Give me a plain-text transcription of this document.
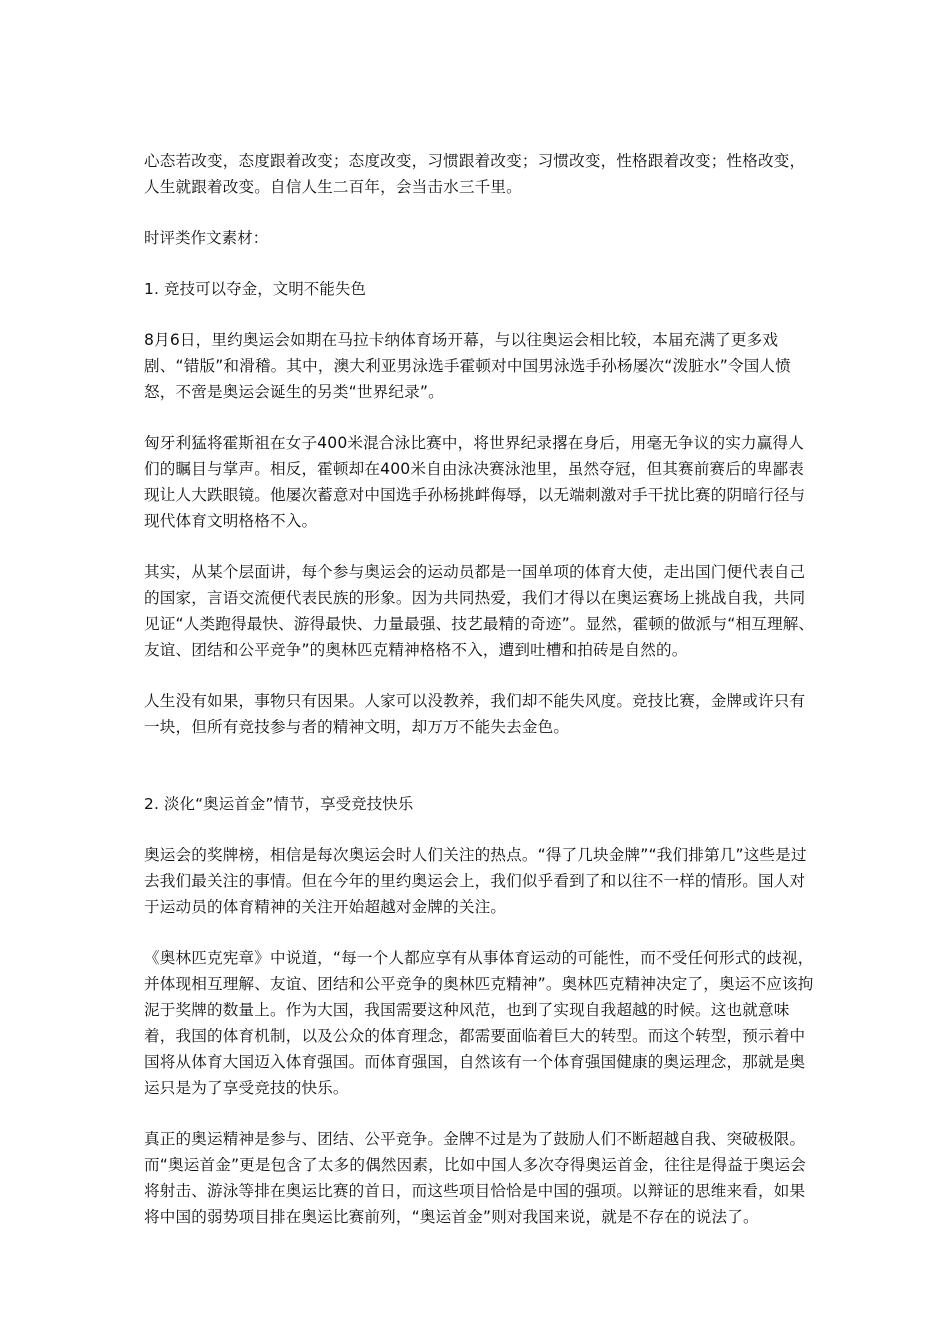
心态若改变，态度跟着改变；态度改变，习惯跟着改变；习惯改变，性格跟着改变；性格改变，人生就跟着改变。自信人生二百年，会当击水三千里。

时评类作文素材：

1. 竞技可以夺金，文明不能失色

8月6日，里约奥运会如期在马拉卡纳体育场开幕，与以往奥运会相比较，本届充满了更多戏剧、“错版”和滑稽。其中，澳大利亚男泳选手霍顿对中国男泳选手孙杨屡次“泼脏水”令国人愤怒，不啻是奥运会诞生的另类“世界纪录”。

匈牙利猛将霍斯祖在女子400米混合泳比赛中，将世界纪录撂在身后，用毫无争议的实力赢得人们的瞩目与掌声。相反，霍顿却在400米自由泳决赛泳池里，虽然夺冠，但其赛前赛后的卑鄙表现让人大跌眼镜。他屡次蓄意对中国选手孙杨挑衅侮辱，以无端刺激对手干扰比赛的阴暗行径与现代体育文明格格不入。

其实，从某个层面讲，每个参与奥运会的运动员都是一国单项的体育大使，走出国门便代表自己的国家，言语交流便代表民族的形象。因为共同热爱，我们才得以在奥运赛场上挑战自我，共同见证“人类跑得最快、游得最快、力量最强、技艺最精的奇迹”。显然，霍顿的做派与“相互理解、友谊、团结和公平竞争”的奥林匹克精神格格不入，遭到吐槽和拍砖是自然的。

人生没有如果，事物只有因果。人家可以没教养，我们却不能失风度。竞技比赛，金牌或许只有一块，但所有竞技参与者的精神文明，却万万不能失去金色。

2. 淡化“奥运首金”情节，享受竞技快乐

奥运会的奖牌榜，相信是每次奥运会时人们关注的热点。“得了几块金牌”“我们排第几”这些是过去我们最关注的事情。但在今年的里约奥运会上，我们似乎看到了和以往不一样的情形。国人对于运动员的体育精神的关注开始超越对金牌的关注。

《奥林匹克宪章》中说道，“每一个人都应享有从事体育运动的可能性，而不受任何形式的歧视，并体现相互理解、友谊、团结和公平竞争的奥林匹克精神”。奥林匹克精神决定了，奥运不应该拘泥于奖牌的数量上。作为大国，我国需要这种风范，也到了实现自我超越的时候。这也就意味着，我国的体育机制，以及公众的体育理念，都需要面临着巨大的转型。而这个转型，预示着中国将从体育大国迈入体育强国。而体育强国，自然该有一个体育强国健康的奥运理念，那就是奥运只是为了享受竞技的快乐。

真正的奥运精神是参与、团结、公平竞争。金牌不过是为了鼓励人们不断超越自我、突破极限。而“奥运首金”更是包含了太多的偶然因素，比如中国人多次夺得奥运首金，往往是得益于奥运会将射击、游泳等排在奥运比赛的首日，而这些项目恰恰是中国的强项。以辩证的思维来看，如果将中国的弱势项目排在奥运比赛前列，“奥运首金”则对我国来说，就是不存在的说法了。
